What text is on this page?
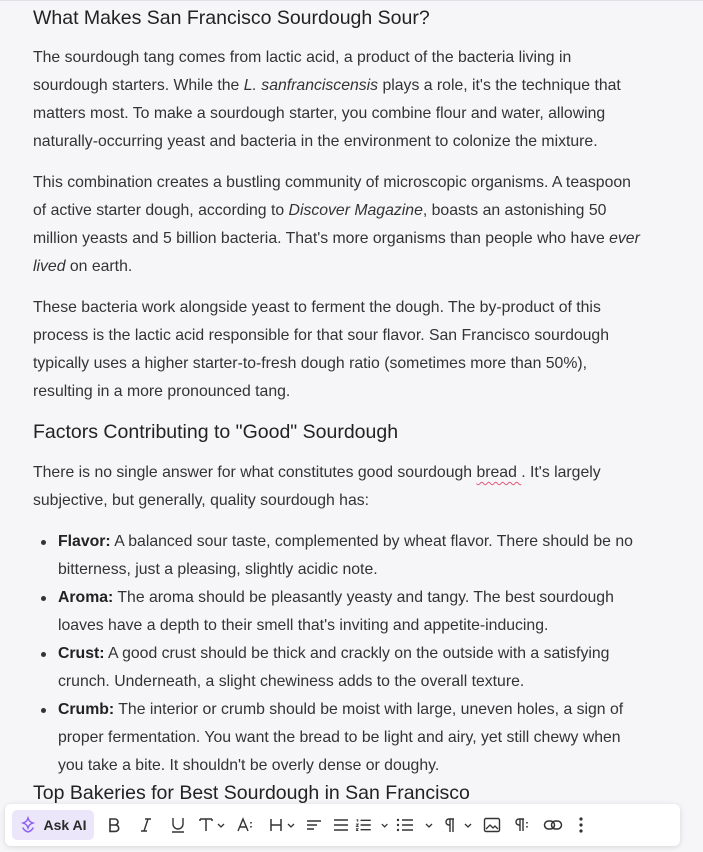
What Makes San Francisco Sourdough Sour?

The sourdough tang comes from lactic acid, a product of the bacteria living in sourdough starters. While the L. sanfranciscensis plays a role, it's the technique that matters most. To make a sourdough starter, you combine flour and water, allowing naturally-occurring yeast and bacteria in the environment to colonize the mixture.

This combination creates a bustling community of microscopic organisms. A teaspoon of active starter dough, according to Discover Magazine, boasts an astonishing 50 million yeasts and 5 billion bacteria. That's more organisms than people who have ever lived on earth.

These bacteria work alongside yeast to ferment the dough. The by-product of this process is the lactic acid responsible for that sour flavor. San Francisco sourdough typically uses a higher starter-to-fresh dough ratio (sometimes more than 50%), resulting in a more pronounced tang.

Factors Contributing to "Good" Sourdough

There is no single answer for what constitutes good sourdough bread . It's largely subjective, but generally, quality sourdough has:

Flavor: A balanced sour taste, complemented by wheat flavor. There should be no bitterness, just a pleasing, slightly acidic note.
Aroma: The aroma should be pleasantly yeasty and tangy. The best sourdough loaves have a depth to their smell that's inviting and appetite-inducing.
Crust: A good crust should be thick and crackly on the outside with a satisfying crunch. Underneath, a slight chewiness adds to the overall texture.
Crumb: The interior or crumb should be moist with large, uneven holes, a sign of proper fermentation. You want the bread to be light and airy, yet still chewy when you take a bite. It shouldn't be overly dense or doughy.
Top Bakeries for Best Sourdough in San Francisco
Ask AI
